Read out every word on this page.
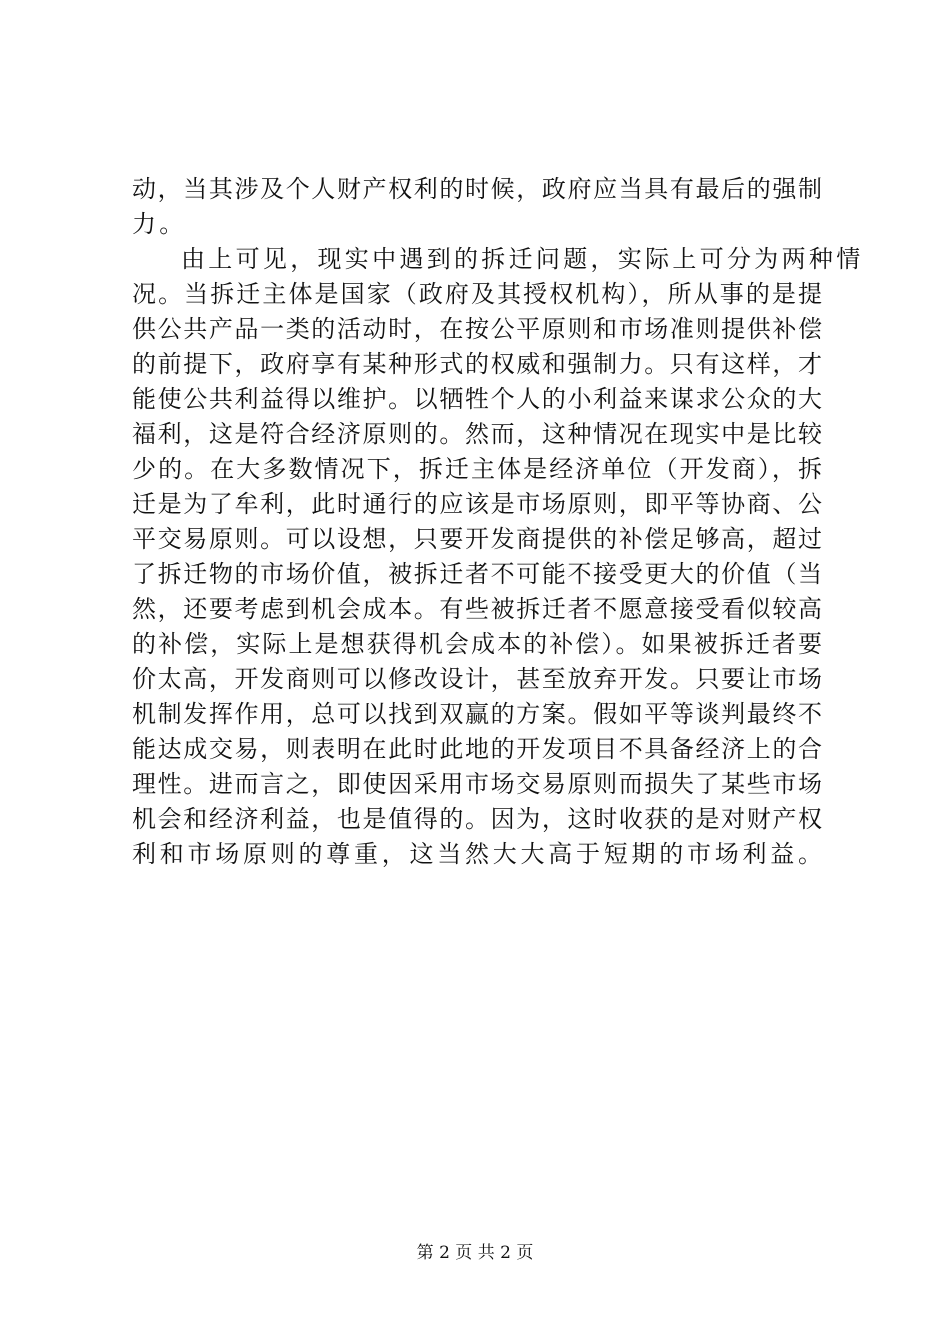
动，当其涉及个人财产权利的时候，政府应当具有最后的强制
力。
由上可见，现实中遇到的拆迁问题，实际上可分为两种情
况。当拆迁主体是国家（政府及其授权机构），所从事的是提
供公共产品一类的活动时，在按公平原则和市场准则提供补偿
的前提下，政府享有某种形式的权威和强制力。只有这样，才
能使公共利益得以维护。以牺牲个人的小利益来谋求公众的大
福利，这是符合经济原则的。然而，这种情况在现实中是比较
少的。在大多数情况下，拆迁主体是经济单位（开发商），拆
迁是为了牟利，此时通行的应该是市场原则，即平等协商、公
平交易原则。可以设想，只要开发商提供的补偿足够高，超过
了拆迁物的市场价值，被拆迁者不可能不接受更大的价值（当
然，还要考虑到机会成本。有些被拆迁者不愿意接受看似较高
的补偿，实际上是想获得机会成本的补偿）。如果被拆迁者要
价太高，开发商则可以修改设计，甚至放弃开发。只要让市场
机制发挥作用，总可以找到双赢的方案。假如平等谈判最终不
能达成交易，则表明在此时此地的开发项目不具备经济上的合
理性。进而言之，即使因采用市场交易原则而损失了某些市场
机会和经济利益，也是值得的。因为，这时收获的是对财产权
利和市场原则的尊重，这当然大大高于短期的市场利益。
第 2 页 共 2 页
